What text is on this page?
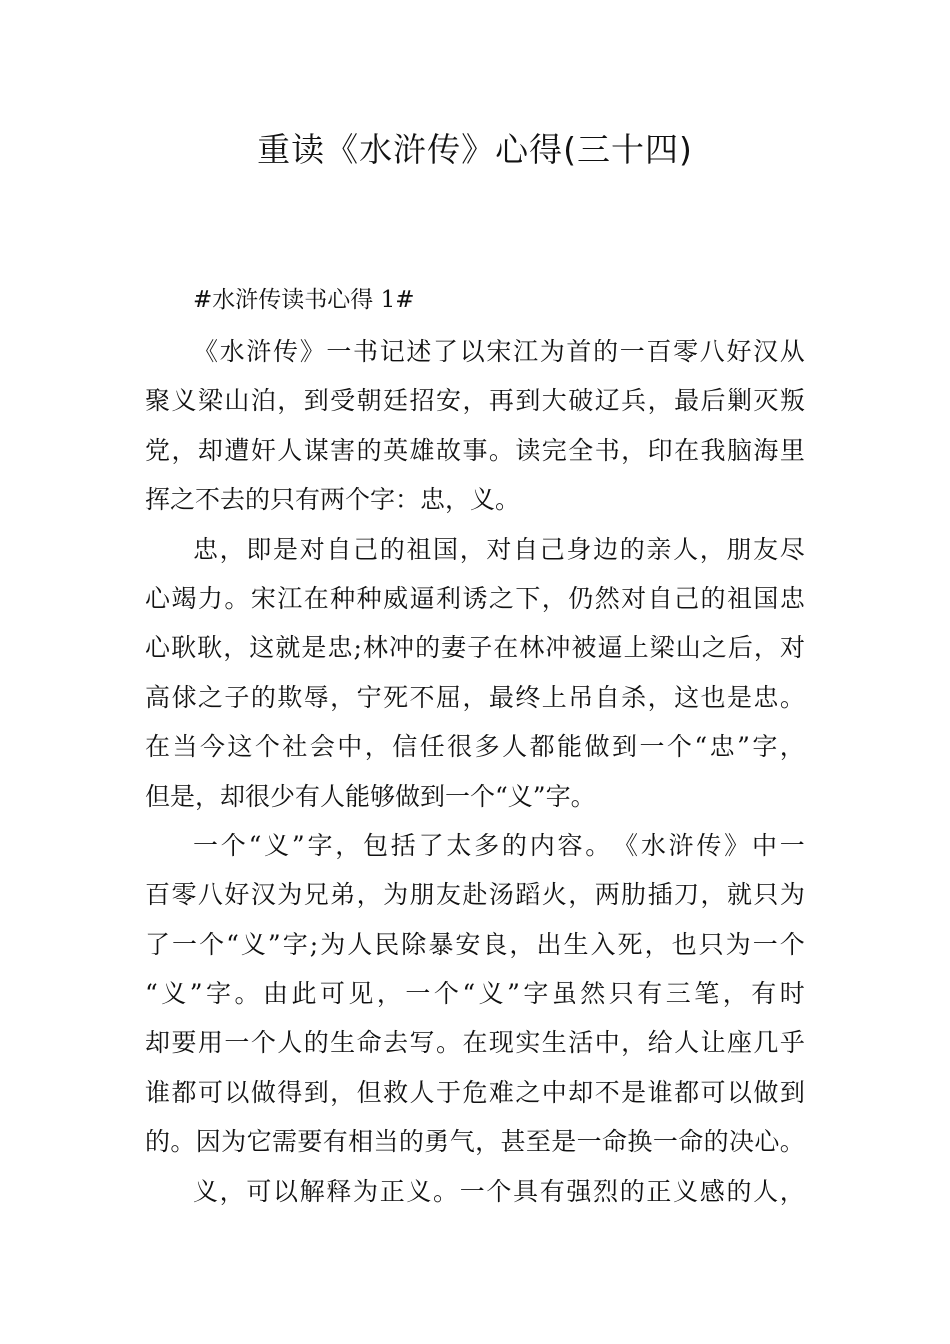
重读《水浒传》心得(三十四)
#水浒传读书心得 1#
《 水 浒 传 》 一 书 记 述 了 以 宋 江 为 首 的 一 百 零 八 好 汉 从
聚 义 梁 山 泊 ， 到 受 朝 廷 招 安 ， 再 到 大 破 辽 兵 ， 最 后 剿 灭 叛
党 ， 却 遭 奸 人 谋 害 的 英 雄 故 事 。 读 完 全 书 ， 印 在 我 脑 海 里
挥之不去的只有两个字：忠，义。
忠 ， 即 是 对 自 己 的 祖 国 ， 对 自 己 身 边 的 亲 人 ， 朋 友 尽
心 竭 力 。 宋 江 在 种 种 威 逼 利 诱 之 下 ， 仍 然 对 自 己 的 祖 国 忠
心 耿 耿 ， 这 就 是 忠 ; 林 冲 的 妻 子 在 林 冲 被 逼 上 梁 山 之 后 ， 对
高 俅 之 子 的 欺 辱 ， 宁 死 不 屈 ， 最 终 上 吊 自 杀 ， 这 也 是 忠 。
在 当 今 这 个 社 会 中 ， 信 任 很 多 人 都 能 做 到 一 个 “ 忠 ” 字 ，
但是，却很少有人能够做到一个“义”字。
一 个 “ 义 ” 字 ， 包 括 了 太 多 的 内 容 。 《 水 浒 传 》 中 一
百 零 八 好 汉 为 兄 弟 ， 为 朋 友 赴 汤 蹈 火 ， 两 肋 插 刀 ， 就 只 为
了 一 个 “ 义 ” 字 ; 为 人 民 除 暴 安 良 ， 出 生 入 死 ， 也 只 为 一 个
“ 义 ” 字 。 由 此 可 见 ， 一 个 “ 义 ” 字 虽 然 只 有 三 笔 ， 有 时
却 要 用 一 个 人 的 生 命 去 写 。 在 现 实 生 活 中 ， 给 人 让 座 几 乎
谁 都 可 以 做 得 到 ， 但 救 人 于 危 难 之 中 却 不 是 谁 都 可 以 做 到
的 。 因 为 它 需 要 有 相 当 的 勇 气 ， 甚 至 是 一 命 换 一 命 的 决 心 。
义 ， 可 以 解 释 为 正 义 。 一 个 具 有 强 烈 的 正 义 感 的 人 ，
